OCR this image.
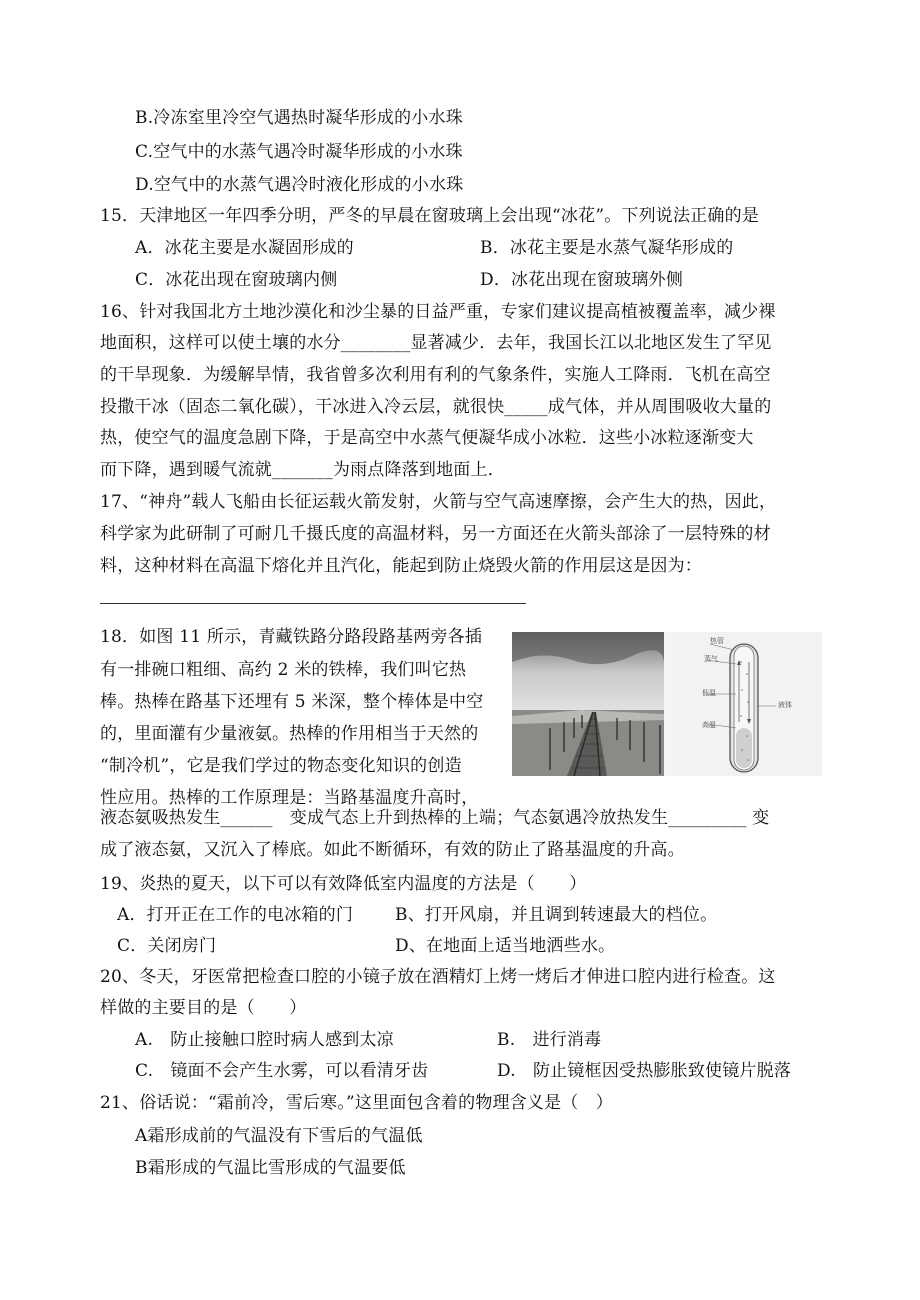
B.冷冻室里冷空气遇热时凝华形成的小水珠
C.空气中的水蒸气遇冷时凝华形成的小水珠
D.空气中的水蒸气遇冷时液化形成的小水珠
15．天津地区一年四季分明，严冬的早晨在窗玻璃上会出现“冰花”。下列说法正确的是
A．冰花主要是水凝固形成的	B．冰花主要是水蒸气凝华形成的
C．冰花出现在窗玻璃内侧	D．冰花出现在窗玻璃外侧
16、针对我国北方土地沙漠化和沙尘暴的日益严重，专家们建议提高植被覆盖率，减少裸
地面积，这样可以使土壤的水分________显著减少．去年，我国长江以北地区发生了罕见
的干旱现象．为缓解旱情，我省曾多次利用有利的气象条件，实施人工降雨．飞机在高空
投撒干冰（固态二氧化碳），干冰进入冷云层，就很快_____成气体，并从周围吸收大量的
热，使空气的温度急剧下降，于是高空中水蒸气便凝华成小冰粒．这些小冰粒逐渐变大
而下降，遇到暖气流就_______为雨点降落到地面上．
17、“神舟”载人飞船由长征运载火箭发射，火箭与空气高速摩擦，会产生大的热，因此，
科学家为此研制了可耐几千摄氏度的高温材料，另一方面还在火箭头部涂了一层特殊的材
料，这种材料在高温下熔化并且汽化，能起到防止烧毁火箭的作用层这是因为：
18．如图 11 所示，青藏铁路分路段路基两旁各插
有一排碗口粗细、高约 2 米的铁棒，我们叫它热
棒。热棒在路基下还埋有 5 米深，整个棒体是中空
的，里面灌有少量液氨。热棒的作用相当于天然的
“制冷机”，它是我们学过的物态变化知识的创造
性应用。热棒的工作原理是：当路基温度升高时，
液态氨吸热发生______　变成气态上升到热棒的上端；气态氨遇冷放热发生_________ 变
成了液态氨，又沉入了棒底。如此不断循环，有效的防止了路基温度的升高。
热管
蒸气
低温
液体
高温
19、炎热的夏天，以下可以有效降低室内温度的方法是（　　）
A．打开正在工作的电冰箱的门 B、打开风扇，并且调到转速最大的档位。
C．关闭房门	D、在地面上适当地洒些水。
20、冬天，牙医常把检查口腔的小镜子放在酒精灯上烤一烤后才伸进口腔内进行检查。这
样做的主要目的是（　　）
A.　防止接触口腔时病人感到太凉	B.　进行消毒
C.　镜面不会产生水雾，可以看清牙齿	D.　防止镜框因受热膨胀致使镜片脱落
21、俗话说：“霜前冷，雪后寒。”这里面包含着的物理含义是（　）
A霜形成前的气温没有下雪后的气温低
B霜形成的气温比雪形成的气温要低
